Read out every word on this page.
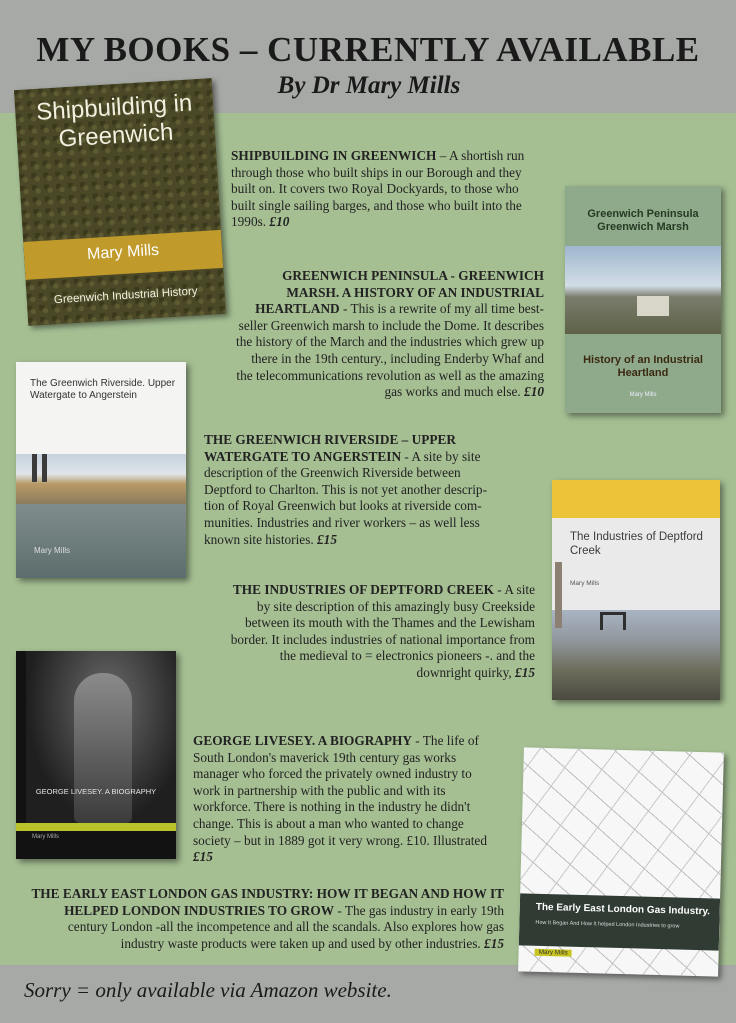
MY BOOKS – CURRENTLY AVAILABLE
By Dr Mary Mills
Shipbuilding in Greenwich
Mary Mills
Greenwich Industrial History
SHIPBUILDING IN GREENWICH – A shortish run through those who built ships in our Borough and they built on. It covers two Royal Dockyards, to those who built single sailing barges, and those who built into the 1990s. £10
Greenwich Peninsula Greenwich Marsh
History of an Industrial Heartland
Mary Mills
GREENWICH PENINSULA - GREENWICH MARSH. A HISTORY OF AN INDUSTRIAL HEARTLAND - This is a rewrite of my all time best-seller Greenwich marsh to include the Dome. It describes the history of the March and the industries which grew up there in the 19th century., including Enderby Whaf and the telecommunications revolution as well as the amazing gas works and much else. £10
The Greenwich Riverside. Upper Watergate to Angerstein
Mary Mills
THE GREENWICH RIVERSIDE – UPPER WATERGATE TO ANGERSTEIN - A site by site description of the Greenwich Riverside between Deptford to Charlton. This is not yet another descrip-tion of Royal Greenwich but looks at riverside com-munities. Industries and river workers – as well less known site histories. £15	The Industries of Deptford Creek
Mary Mills
THE INDUSTRIES OF DEPTFORD CREEK - A site by site description of this amazingly busy Creekside between its mouth with the Thames and the Lewisham border. It includes industries of national importance from the medieval to = electronics pioneers -. and the downright quirky, £15
GEORGE LIVESEY. A BIOGRAPHY
Mary Mills
GEORGE LIVESEY. A BIOGRAPHY - The life of South London's maverick 19th century gas works manager who forced the privately owned industry to work in partnership with the public and with its workforce. There is nothing in the industry he didn't change. This is about a man who wanted to change society – but in 1889 got it very wrong. £10. Illustrated £15
The Early East London Gas Industry.
How It Began And How It helped London Industries to grow
Mary Mills
THE EARLY EAST LONDON GAS INDUSTRY: HOW IT BEGAN AND HOW IT HELPED LONDON INDUSTRIES TO GROW - The gas industry in early 19th century London -all the incompetence and all the scandals. Also explores how gas industry waste products were taken up and used by other industries. £15
Sorry = only available via Amazon website.
